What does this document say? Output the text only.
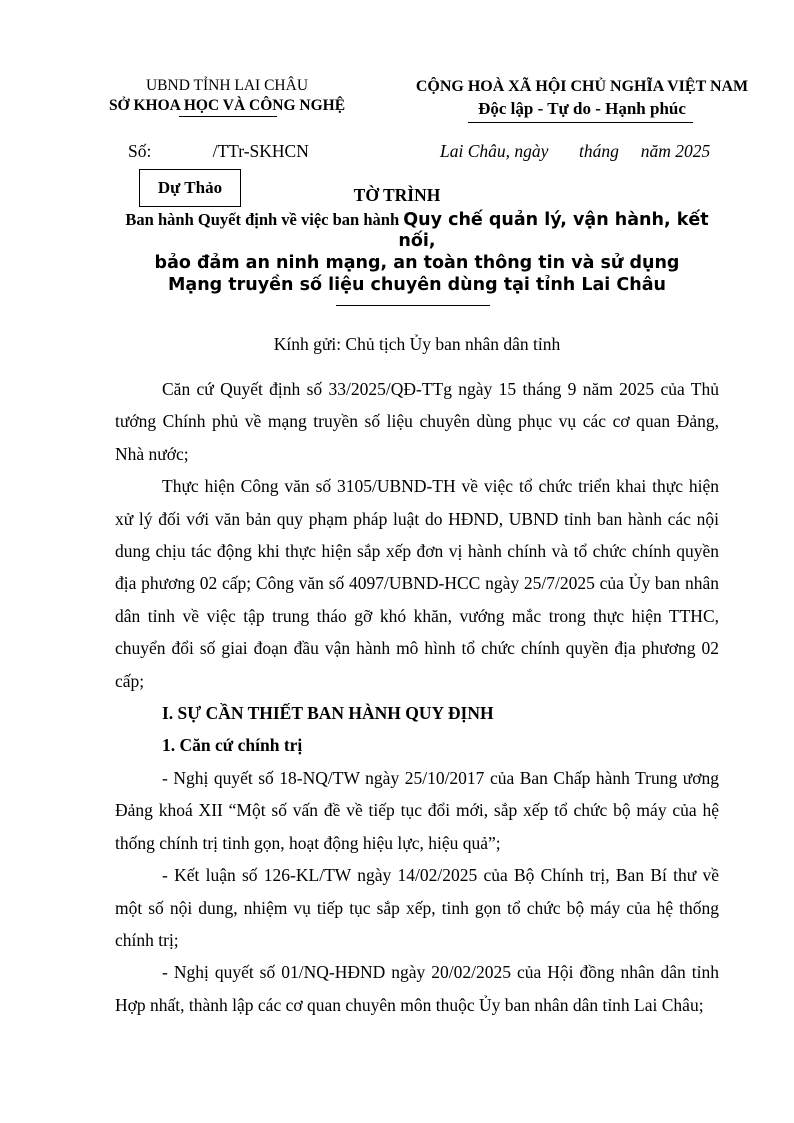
UBND TỈNH LAI CHÂU
SỞ KHOA HỌC VÀ CÔNG NGHỆ
CỘNG HOÀ XÃ HỘI CHỦ NGHĨA VIỆT NAM
Độc lập - Tự do - Hạnh phúc
Số:              /TTr-SKHCN	Lai Châu, ngày       tháng     năm 2025
Dự Thảo	TỜ TRÌNH
Ban hành Quyết định về việc ban hành Quy chế quản lý, vận hành, kết nối,
bảo đảm an ninh mạng, an toàn thông tin và sử dụng
Mạng truyền số liệu chuyên dùng tại tỉnh Lai Châu
Kính gửi: Chủ tịch Ủy ban nhân dân tỉnh

Căn cứ Quyết định số 33/2025/QĐ-TTg ngày 15 tháng 9 năm 2025 của Thủ tướng Chính phủ về mạng truyền số liệu chuyên dùng phục vụ các cơ quan Đảng, Nhà nước;

Thực hiện Công văn số 3105/UBND-TH về việc tổ chức triển khai thực hiện xử lý đối với văn bản quy phạm pháp luật do HĐND, UBND tỉnh ban hành các nội dung chịu tác động khi thực hiện sắp xếp đơn vị hành chính và tổ chức chính quyền địa phương 02 cấp; Công văn số 4097/UBND-HCC ngày 25/7/2025 của Ủy ban nhân dân tỉnh về việc tập trung tháo gỡ khó khăn, vướng mắc trong thực hiện TTHC, chuyển đổi số giai đoạn đầu vận hành mô hình tổ chức chính quyền địa phương 02 cấp;

I. SỰ CẦN THIẾT BAN HÀNH QUY ĐỊNH

1. Căn cứ chính trị

- Nghị quyết số 18-NQ/TW ngày 25/10/2017 của Ban Chấp hành Trung ương Đảng khoá XII “Một số vấn đề về tiếp tục đổi mới, sắp xếp tổ chức bộ máy của hệ thống chính trị tinh gọn, hoạt động hiệu lực, hiệu quả”;

- Kết luận số 126-KL/TW ngày 14/02/2025 của Bộ Chính trị, Ban Bí thư về một số nội dung, nhiệm vụ tiếp tục sắp xếp, tinh gọn tổ chức bộ máy của hệ thống chính trị;

- Nghị quyết số 01/NQ-HĐND ngày 20/02/2025 của Hội đồng nhân dân tỉnh Hợp nhất, thành lập các cơ quan chuyên môn thuộc Ủy ban nhân dân tỉnh Lai Châu;
